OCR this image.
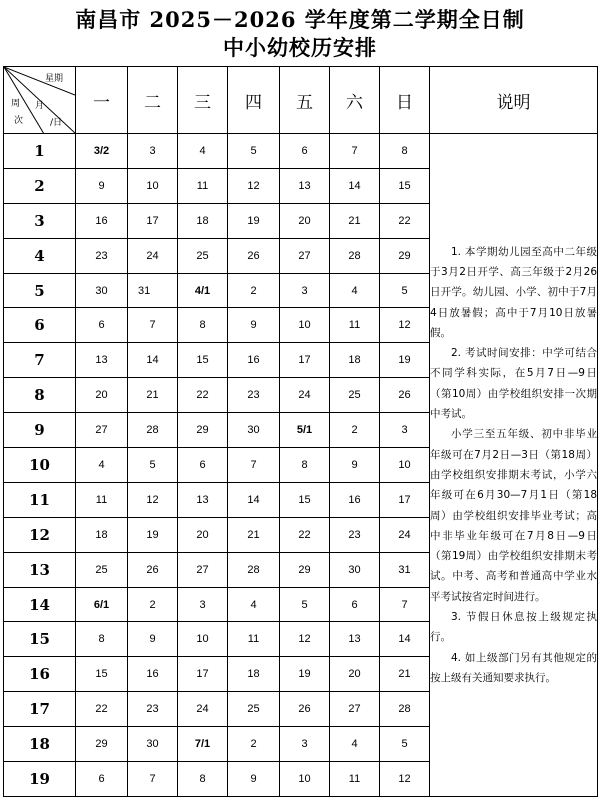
南昌市 2025－2026 学年度第二学期全日制
中小幼校历安排
星期
月
/日
周
次	一	二	三	四	五	六	日	说明
1	3/2	3	4	5	6	7	8	1. 本学期幼儿园至高中二年级于3月2日开学、高三年级于2月26日开学。幼儿园、小学、初中于7月4日放暑假；高中于7月10日放暑假。

2. 考试时间安排：中学可结合不同学科实际，在5月7日—9日（第10周）由学校组织安排一次期中考试。

小学三至五年级、初中非毕业年级可在7月2日—3日（第18周）由学校组织安排期末考试，小学六年级可在6月30—7月1日（第18周）由学校组织安排毕业考试；高中非毕业年级可在7月8日—9日（第19周）由学校组织安排期末考试。中考、高考和普通高中学业水平考试按省定时间进行。

3. 节假日休息按上级规定执行。

4. 如上级部门另有其他规定的按上级有关通知要求执行。

2	9	10	11	12	13	14	15	
3	16	17	18	19	20	21	22	
4	23	24	25	26	27	28	29	
5	30	31	4/1	2	3	4	5	
6	6	7	8	9	10	11	12	
7	13	14	15	16	17	18	19	
8	20	21	22	23	24	25	26	
9	27	28	29	30	5/1	2	3	
10	4	5	6	7	8	9	10	
11	11	12	13	14	15	16	17	
12	18	19	20	21	22	23	24	
13	25	26	27	28	29	30	31	
14	6/1	2	3	4	5	6	7	
15	8	9	10	11	12	13	14	
16	15	16	17	18	19	20	21	
17	22	23	24	25	26	27	28	
18	29	30	7/1	2	3	4	5	
19	6	7	8	9	10	11	12	
